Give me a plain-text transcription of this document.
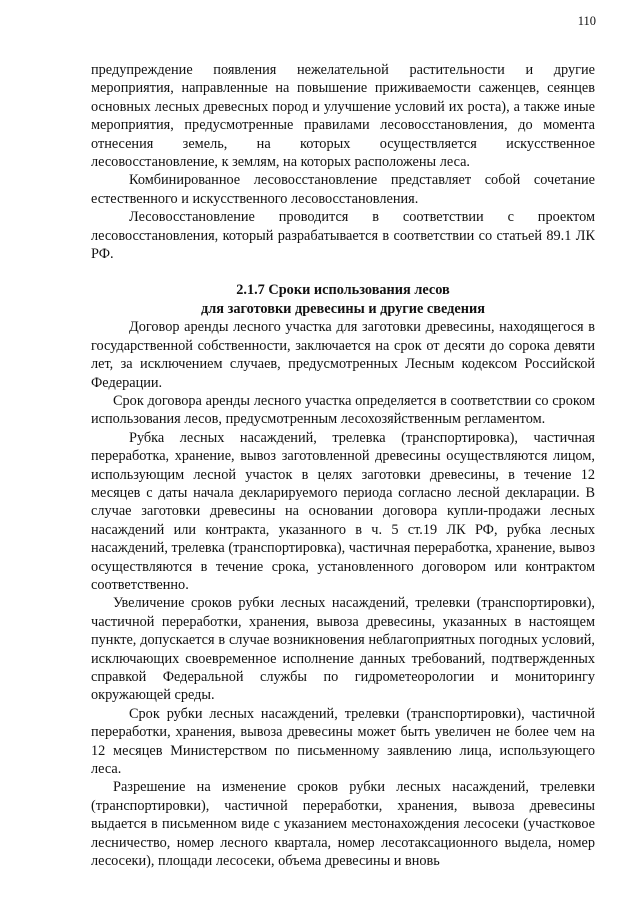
110

предупреждение появления нежелательной растительности и другие мероприятия, направленные на повышение приживаемости саженцев, сеянцев основных лесных древесных пород и улучшение условий их роста), а также иные мероприятия, предусмотренные правилами лесовосстановления, до момента отнесения земель, на которых осуществляется искусственное лесовосстановление, к землям, на которых расположены леса.

Комбинированное лесовосстановление представляет собой сочетание естественного и искусственного лесовосстановления.

Лесовосстановление проводится в соответствии с проектом лесовосстановления, который разрабатывается в соответствии со статьей 89.1 ЛК РФ.

2.1.7 Сроки использования лесов
для заготовки древесины и другие сведения

Договор аренды лесного участка для заготовки древесины, находящегося в государственной собственности, заключается на срок от десяти до сорока девяти лет, за исключением случаев, предусмотренных Лесным кодексом Российской Федерации.

Срок договора аренды лесного участка определяется в соответствии со сроком использования лесов, предусмотренным лесохозяйственным регламентом.

Рубка лесных насаждений, трелевка (транспортировка), частичная переработка, хранение, вывоз заготовленной древесины осуществляются лицом, использующим лесной участок в целях заготовки древесины, в течение 12 месяцев с даты начала декларируемого периода согласно лесной декларации. В случае заготовки древесины на основании договора купли-продажи лесных насаждений или контракта, указанного в ч. 5 ст.19 ЛК РФ, рубка лесных насаждений, трелевка (транспортировка), частичная переработка, хранение, вывоз осуществляются в течение срока, установленного договором или контрактом соответственно.

Увеличение сроков рубки лесных насаждений, трелевки (транспортировки), частичной переработки, хранения, вывоза древесины, указанных в настоящем пункте, допускается в случае возникновения неблагоприятных погодных условий, исключающих своевременное исполнение данных требований, подтвержденных справкой Федеральной службы по гидрометеорологии и мониторингу окружающей среды.

Срок рубки лесных насаждений, трелевки (транспортировки), частичной переработки, хранения, вывоза древесины может быть увеличен не более чем на 12 месяцев Министерством по письменному заявлению лица, использующего леса.

Разрешение на изменение сроков рубки лесных насаждений, трелевки (транспортировки), частичной переработки, хранения, вывоза древесины выдается в письменном виде с указанием местонахождения лесосеки (участковое лесничество, номер лесного квартала, номер лесотаксационного выдела, номер лесосеки), площади лесосеки, объема древесины и вновь
